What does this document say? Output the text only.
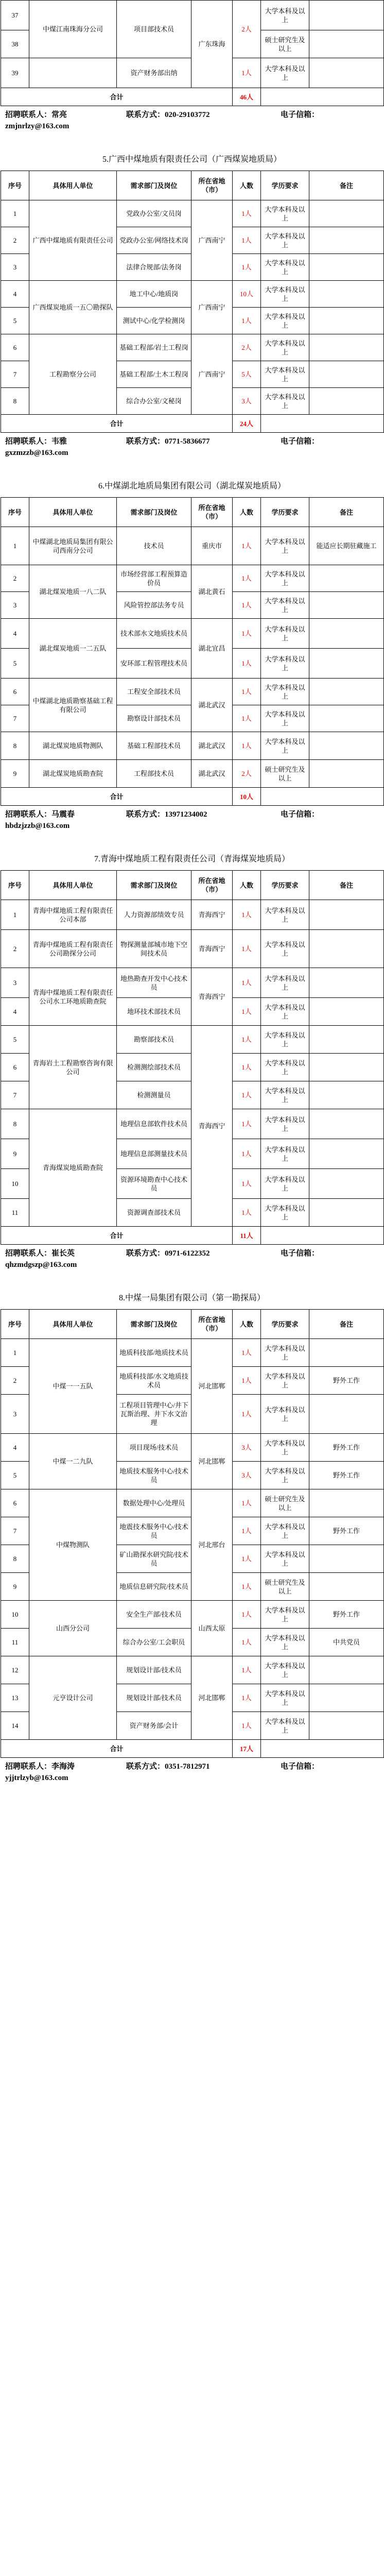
37	中煤江南珠海分公司	项目部技术员	广东珠海	2人	大学本科及以上	
38					硕士研究生及以上	
39		资产财务部出纳		1人	大学本科及以上	
合计				46人		
招聘联系人：常亮	联系方式：020-29103772	电子信箱：
zmjnrlzy@163.com
5.广西中煤地质有限责任公司（广西煤炭地质局）
序号	具体用人单位	需求部门及岗位	所在省地（市）	人数	学历要求	备注
1	广西中煤地质有限责任公司	党政办公室/文员岗	广西南宁	1人	大学本科及以上	
2		党政办公室/网络技术岗		1人	大学本科及以上	
3		法律合规部/法务岗		1人	大学本科及以上	
4	广西煤炭地质一五〇勘探队	地工中心/地质岗	广西南宁	10人	大学本科及以上	
5		测试中心/化学检测岗		1人	大学本科及以上	
6	工程勘察分公司	基础工程部/岩土工程岗	广西南宁	2人	大学本科及以上	
7		基础工程部/土木工程岗		5人	大学本科及以上	
8		综合办公室/文秘岗		3人	大学本科及以上	
合计				24人		
招聘联系人：韦雅	联系方式：0771-5836677	电子信箱：
gxzmzzb@163.com
6.中煤湖北地质局集团有限公司（湖北煤炭地质局）
序号	具体用人单位	需求部门及岗位	所在省地（市）	人数	学历要求	备注
1	中煤湖北地质局集团有限公司西南分公司	技术员	重庆市	1人	大学本科及以上	能适应长期驻藏施工
2	湖北煤炭地质一八二队	市场经营部工程预算造价员	湖北黄石	1人	大学本科及以上	
3		风险管控部法务专员		1人	大学本科及以上	
4	湖北煤炭地质一二五队	技术部水文地质技术员	湖北宜昌	1人	大学本科及以上	
5		安环部工程管理技术员		1人	大学本科及以上	
6	中煤湖北地质勘察基础工程有限公司	工程安全部技术员	湖北武汉	1人	大学本科及以上	
7		勘察设计部技术员		1人	大学本科及以上	
8	湖北煤炭地质物测队	基础工程部技术员	湖北武汉	1人	大学本科及以上	
9	湖北煤炭地质勘查院	工程部技术员	湖北武汉	2人	硕士研究生及以上	
合计				10人		
招聘联系人：马震春	联系方式：13971234002	电子信箱：
hbdzjzzb@163.com
7.青海中煤地质工程有限责任公司（青海煤炭地质局）
序号	具体用人单位	需求部门及岗位	所在省地（市）	人数	学历要求	备注
1	青海中煤地质工程有限责任公司本部	人力资源部绩效专员	青海西宁	1人	大学本科及以上	
2	青海中煤地质工程有限责任公司勘探分公司	物探测量部城市地下空间技术员	青海西宁	1人	大学本科及以上	
3	青海中煤地质工程有限责任公司水工环地质勘查院	地热勘查开发中心技术员	青海西宁	1人	大学本科及以上	
4		地环技术部技术员		1人	大学本科及以上	
5	青海岩土工程勘察咨询有限公司	勘察部技术员	青海西宁	1人	大学本科及以上	
6		检测测绘部技术员		1人	大学本科及以上	
7		检测测量员		1人	大学本科及以上	
8	青海煤炭地质勘查院	地理信息部软件技术员		1人	大学本科及以上	
9		地理信息部测量技术员		1人	大学本科及以上	
10		资源环境勘查中心技术员		1人	大学本科及以上	
11		资源调查部技术员		1人	大学本科及以上	
合计				11人		
招聘联系人：崔长英	联系方式：0971-6122352	电子信箱：
qhzmdgszp@163.com
8.中煤一局集团有限公司（第一勘探局）
序号	具体用人单位	需求部门及岗位	所在省地（市）	人数	学历要求	备注
1	中煤一一五队	地质科技部/地质技术员	河北邯郸	1人	大学本科及以上	
2		地质科技部/水文地质技术员		1人	大学本科及以上	野外工作
3		工程项目管理中心/井下瓦斯治理、井下水文治理		1人	大学本科及以上	
4	中煤一二九队	项目现场/技术员	河北邯郸	3人	大学本科及以上	野外工作
5		地质技术服务中心/技术员		3人	大学本科及以上	野外工作
6	中煤物测队	数据处理中心/处理员	河北邢台	1人	硕士研究生及以上	
7		地震技术服务中心/技术员		1人	大学本科及以上	野外工作
8		矿山勘探水研究院/技术员		1人	大学本科及以上	
9		地质信息研究院/技术员		1人	硕士研究生及以上	
10	山西分公司	安全生产部/技术员	山西太原	1人	大学本科及以上	野外工作
11		综合办公室/工会职员		1人	大学本科及以上	中共党员
12	元亨设计公司	规划设计部/技术员	河北邯郸	1人	大学本科及以上	
13		规划设计部/技术员		1人	大学本科及以上	
14		资产财务部/会计		1人	大学本科及以上	
合计				17人		
招聘联系人：李海涛	联系方式：0351-7812971	电子信箱：
yjjtrlzyb@163.com
